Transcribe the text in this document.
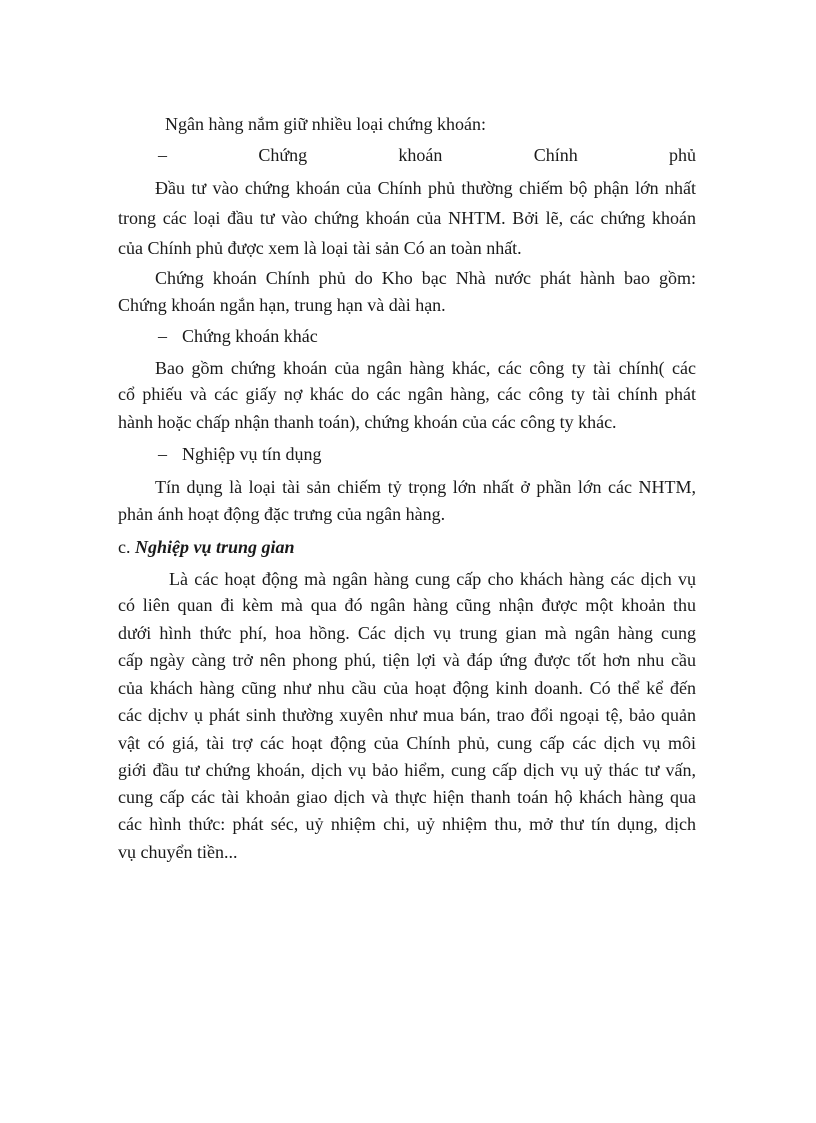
Ngân hàng nắm giữ nhiều loại chứng khoán:
–	Chứng	khoán	Chính	phủ
Đầu tư vào chứng khoán của Chính phủ thường chiếm bộ phận lớn nhất
trong các loại đầu tư vào chứng khoán của NHTM. Bởi lẽ, các chứng khoán
của Chính phủ được xem là loại tài sản Có an toàn nhất.
Chứng khoán Chính phủ do Kho bạc Nhà nước phát hành bao gồm:
Chứng khoán ngắn hạn, trung hạn và dài hạn.
– Chứng khoán khác
Bao gồm chứng khoán của ngân hàng khác, các công ty tài chính( các
cổ phiếu và các giấy nợ khác do các ngân hàng, các công ty tài chính phát
hành hoặc chấp nhận thanh toán), chứng khoán của các công ty khác.
– Nghiệp vụ tín dụng
Tín dụng là loại tài sản chiếm tỷ trọng lớn nhất ở phần lớn các NHTM,
phản ánh hoạt động đặc trưng của ngân hàng.
c. Nghiệp vụ trung gian
Là các hoạt động mà ngân hàng cung cấp cho khách hàng các dịch vụ
có liên quan đi kèm mà qua đó ngân hàng cũng nhận được một khoản thu
dưới hình thức phí, hoa hồng. Các dịch vụ trung gian mà ngân hàng cung
cấp ngày càng trở nên phong phú, tiện lợi và đáp ứng được tốt hơn nhu cầu
của khách hàng cũng như nhu cầu của hoạt động kinh doanh. Có thể kể đến
các dịchv ụ phát sinh thường xuyên như mua bán, trao đổi ngoại tệ, bảo quản
vật có giá, tài trợ các hoạt động của Chính phủ, cung cấp các dịch vụ môi
giới đầu tư chứng khoán, dịch vụ bảo hiểm, cung cấp dịch vụ uỷ thác tư vấn,
cung cấp các tài khoản giao dịch và thực hiện thanh toán hộ khách hàng qua
các hình thức: phát séc, uỷ nhiệm chi, uỷ nhiệm thu, mở thư tín dụng, dịch
vụ chuyển tiền...
